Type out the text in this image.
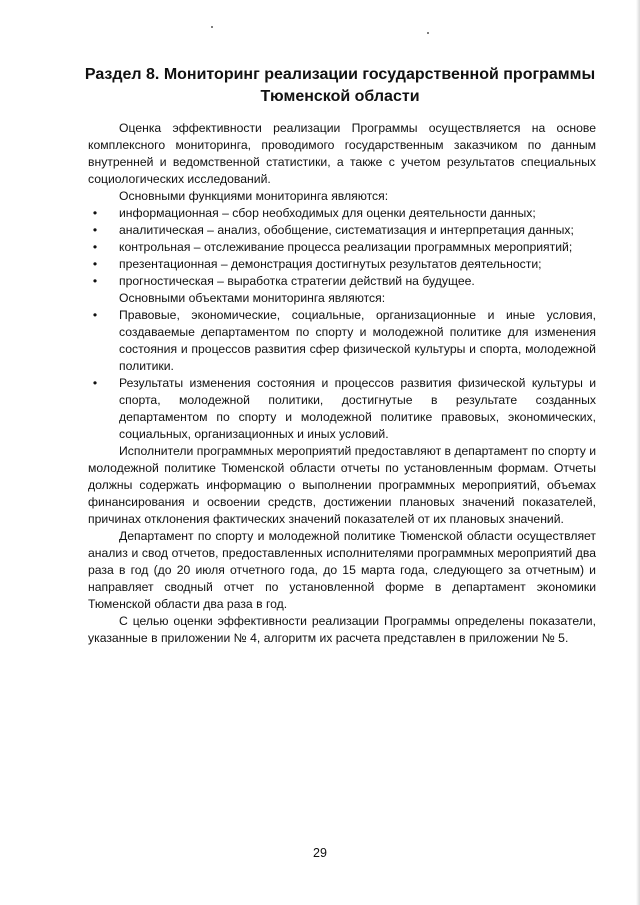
Раздел 8. Мониторинг реализации государственной программы
Тюменской области

Оценка эффективности реализации Программы осуществляется на основе комплексного мониторинга, проводимого государственным заказчиком по данным внутренней и ведомственной статистики, а также с учетом результатов специальных социологических исследований.

Основными функциями мониторинга являются:

•	информационная – сбор необходимых для оценки деятельности данных;
•	аналитическая – анализ, обобщение, систематизация и интерпретация данных;
•	контрольная – отслеживание процесса реализации программных мероприятий;
•	презентационная – демонстрация достигнутых результатов деятельности;
•	прогностическая – выработка стратегии действий на будущее.

Основными объектами мониторинга являются:

•	Правовые, экономические, социальные, организационные и иные условия, создаваемые департаментом по спорту и молодежной политике для изменения состояния и процессов развития сфер физической культуры и спорта, молодежной политики.
•	Результаты изменения состояния и процессов развития физической культуры и спорта, молодежной политики, достигнутые в результате созданных департаментом по спорту и молодежной политике правовых, экономических, социальных, организационных и иных условий.

Исполнители программных мероприятий предоставляют в департамент по спорту и молодежной политике Тюменской области отчеты по установленным формам. Отчеты должны содержать информацию о выполнении программных мероприятий, объемах финансирования и освоении средств, достижении плановых значений показателей, причинах отклонения фактических значений показателей от их плановых значений.

Департамент по спорту и молодежной политике Тюменской области осуществляет анализ и свод отчетов, предоставленных исполнителями программных мероприятий два раза в год (до 20 июля отчетного года, до 15 марта года, следующего за отчетным) и направляет сводный отчет по установленной форме в департамент экономики Тюменской области два раза в год.

С целью оценки эффективности реализации Программы определены показатели, указанные в приложении № 4, алгоритм их расчета представлен в приложении № 5.

29
